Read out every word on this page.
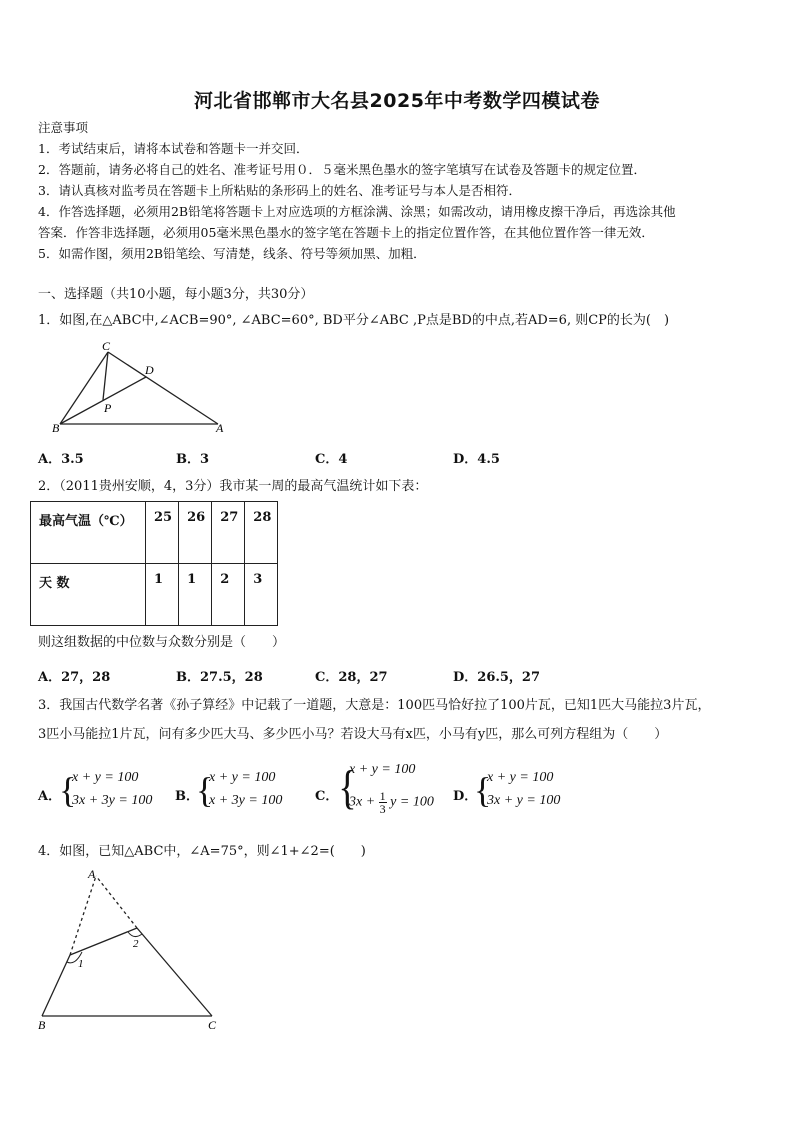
河北省邯郸市大名县2025年中考数学四模试卷
注意事项
1．考试结束后，请将本试卷和答题卡一并交回．
2．答题前，请务必将自己的姓名、准考证号用０．５毫米黑色墨水的签字笔填写在试卷及答题卡的规定位置．
3．请认真核对监考员在答题卡上所粘贴的条形码上的姓名、准考证号与本人是否相符．
4．作答选择题，必须用2B铅笔将答题卡上对应选项的方框涂满、涂黑；如需改动，请用橡皮擦干净后，再选涂其他
答案．作答非选择题，必须用05毫米黑色墨水的签字笔在答题卡上的指定位置作答，在其他位置作答一律无效．
5．如需作图，须用2B铅笔绘、写清楚，线条、符号等须加黑、加粗．
一、选择题（共10小题，每小题3分，共30分）
1．如图,在△ABC中,∠ACB=90°, ∠ABC=60°, BD平分∠ABC ,P点是BD的中点,若AD=6, 则CP的长为(　)
C
D
P
B	A
A．3.5	B．3	C．4	D．4.5
2．（2011贵州安顺，4，3分）我市某一周的最高气温统计如下表：
最高气温（℃）	25	26	27	28
天 数	1	1	2	3
则这组数据的中位数与众数分别是（　　）
A．27，28	B．27.5，28	C．28，27	D．26.5，27
3．我国古代数学名著《孙子算经》中记载了一道题，大意是：100匹马恰好拉了100片瓦，已知1匹大马能拉3片瓦，
3匹小马能拉1片瓦，问有多少匹大马、多少匹小马？若设大马有x匹，小马有y匹，那么可列方程组为（　　）
A．
{
x + y = 100
3x + 3y = 100 B．
{
x + y = 100
x + 3y = 100	C． {
x + y = 100
$3x + \frac{1}{3}$ y = 100 D．
{
x + y = 100
3x + y = 100
4．如图，已知△ABC中，∠A=75°，则∠1+∠2=(　　)
A
1
2
B	C
